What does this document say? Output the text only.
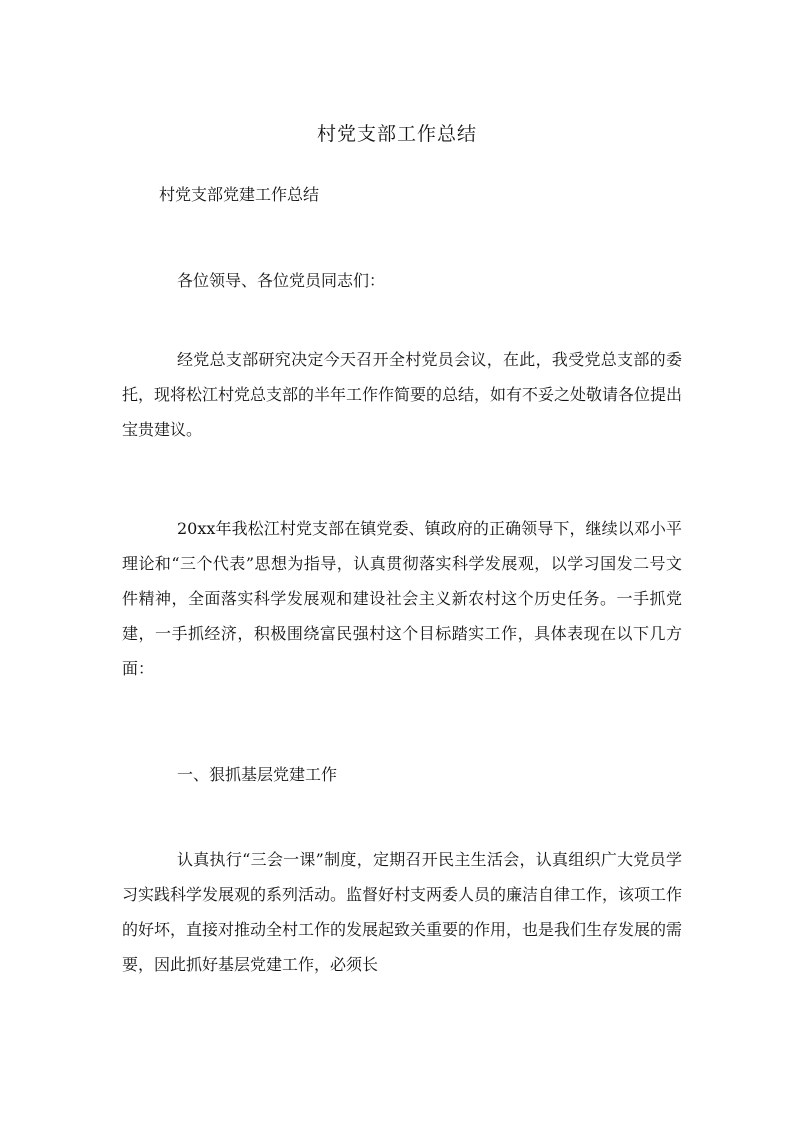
村党支部工作总结

村党支部党建工作总结

各位领导、各位党员同志们：

经党总支部研究决定今天召开全村党员会议，在此，我受党总支部的委托，现将松江村党总支部的半年工作作简要的总结，如有不妥之处敬请各位提出宝贵建议。

20xx年我松江村党支部在镇党委、镇政府的正确领导下，继续以邓小平理论和“三个代表”思想为指导，认真贯彻落实科学发展观，以学习国发二号文件精神，全面落实科学发展观和建设社会主义新农村这个历史任务。一手抓党建，一手抓经济，积极围绕富民强村这个目标踏实工作，具体表现在以下几方面：

一、狠抓基层党建工作

认真执行“三会一课”制度，定期召开民主生活会，认真组织广大党员学习实践科学发展观的系列活动。监督好村支两委人员的廉洁自律工作，该项工作的好坏，直接对推动全村工作的发展起致关重要的作用，也是我们生存发展的需要，因此抓好基层党建工作，必须长
